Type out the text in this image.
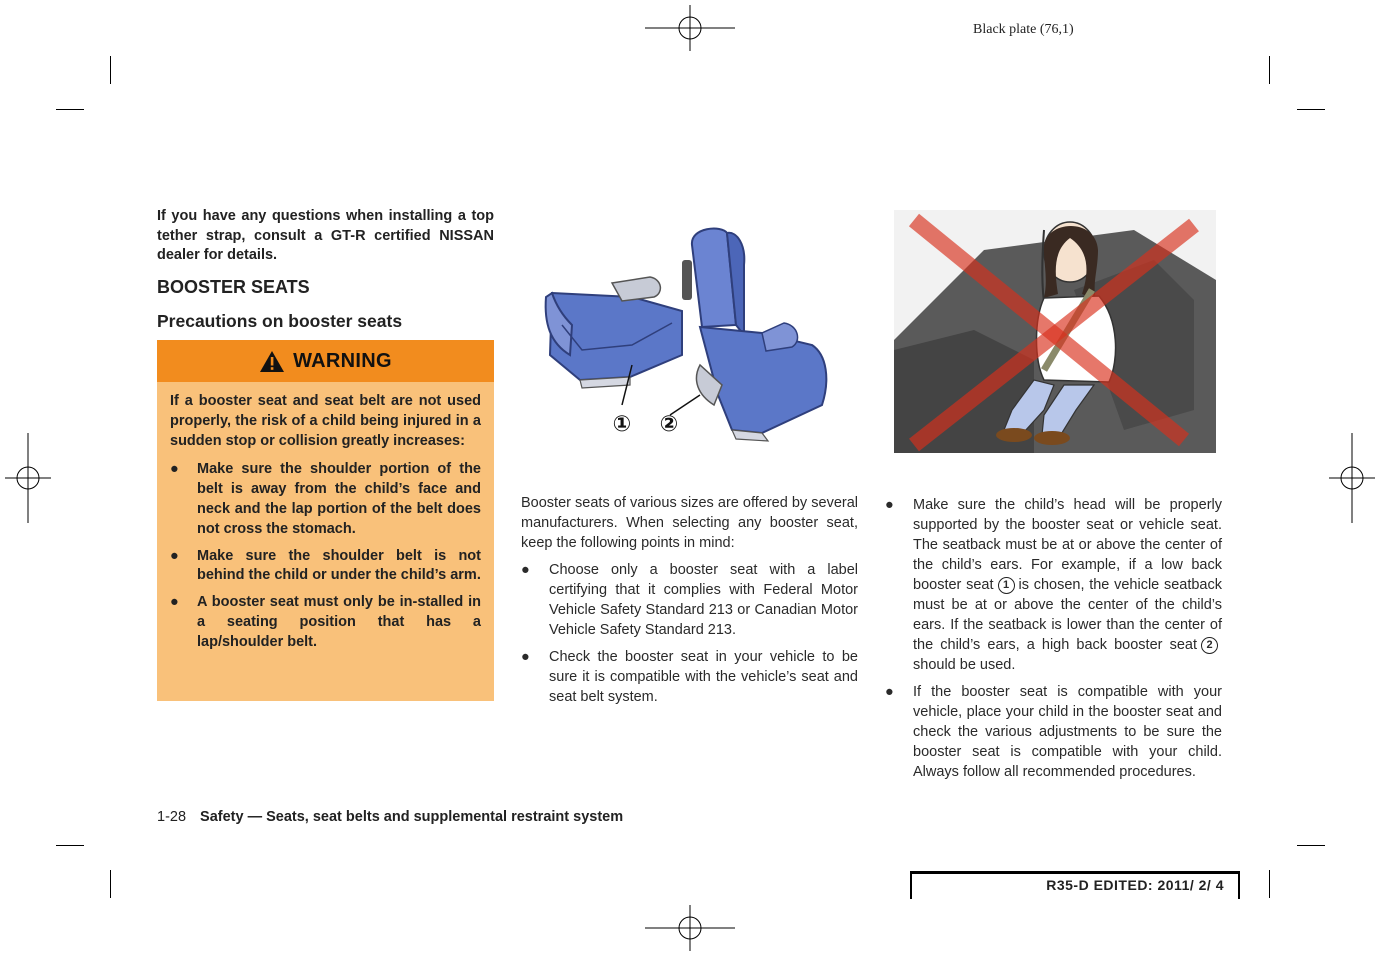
Black plate (76,1)
If you have any questions when installing a top tether strap, consult a GT-R certified NISSAN dealer for details.
BOOSTER SEATS
Precautions on booster seats
WARNING
If a booster seat and seat belt are not used properly, the risk of a child being injured in a sudden stop or collision greatly increases:
● Make sure the shoulder portion of the belt is away from the child’s face and neck and the lap portion of the belt does not cross the stomach.
● Make sure the shoulder belt is not behind the child or under the child’s arm.
● A booster seat must only be in-stalled in a seating position that has a lap/shoulder belt.
① ②
Booster seats of various sizes are offered by several manufacturers. When selecting any booster seat, keep the following points in mind:
● Choose only a booster seat with a label certifying that it complies with Federal Motor Vehicle Safety Standard 213 or Canadian Motor Vehicle Safety Standard 213.
● Check the booster seat in your vehicle to be sure it is compatible with the vehicle’s seat and seat belt system.
● Make sure the child’s head will be properly supported by the booster seat or vehicle seat. The seatback must be at or above the center of the child’s ears. For example, if a low back booster seat 1 is chosen, the vehicle seatback must be at or above the center of the child’s ears. If the seatback is lower than the center of the child’s ears, a high back booster seat 2should be used.
● If the booster seat is compatible with your vehicle, place your child in the booster seat and check the various adjustments to be sure the booster seat is compatible with your child. Always follow all recommended procedures.
1-28 Safety — Seats, seat belts and supplemental restraint system
R35-D EDITED: 2011/ 2/ 4
